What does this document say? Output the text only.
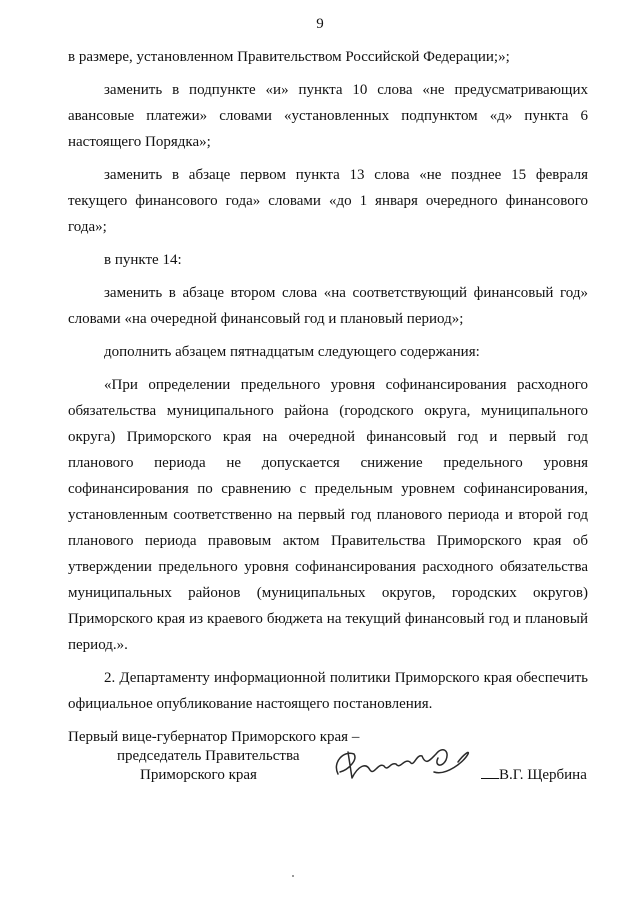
9

в размере, установленном Правительством Российской Федерации;»;

заменить в подпункте «и» пункта 10 слова «не предусматривающих авансовые платежи» словами «установленных подпунктом «д» пункта 6 настоящего Порядка»;

заменить в абзаце первом пункта 13 слова «не позднее 15 февраля текущего финансового года» словами «до 1 января очередного финансового года»;

в пункте 14:

заменить в абзаце втором слова «на соответствующий финансовый год» словами «на очередной финансовый год и плановый период»;

дополнить абзацем пятнадцатым следующего содержания:

«При определении предельного уровня софинансирования расходного обязательства муниципального района (городского округа, муниципального округа) Приморского края на очередной финансовый год и первый год планового периода не допускается снижение предельного уровня софинансирования по сравнению с предельным уровнем софинансирования, установленным соответственно на первый год планового периода и второй год планового периода правовым актом Правительства Приморского края об утверждении предельного уровня софинансирования расходного обязательства муниципальных районов (муниципальных округов, городских округов) Приморского края из краевого бюджета на текущий финансовый год и плановый период.».

2. Департаменту информационной политики Приморского края обеспечить официальное опубликование настоящего постановления.

Первый вице-губернатор Приморского края –
председатель Правительства
Приморского края	В.Г. Щербина
